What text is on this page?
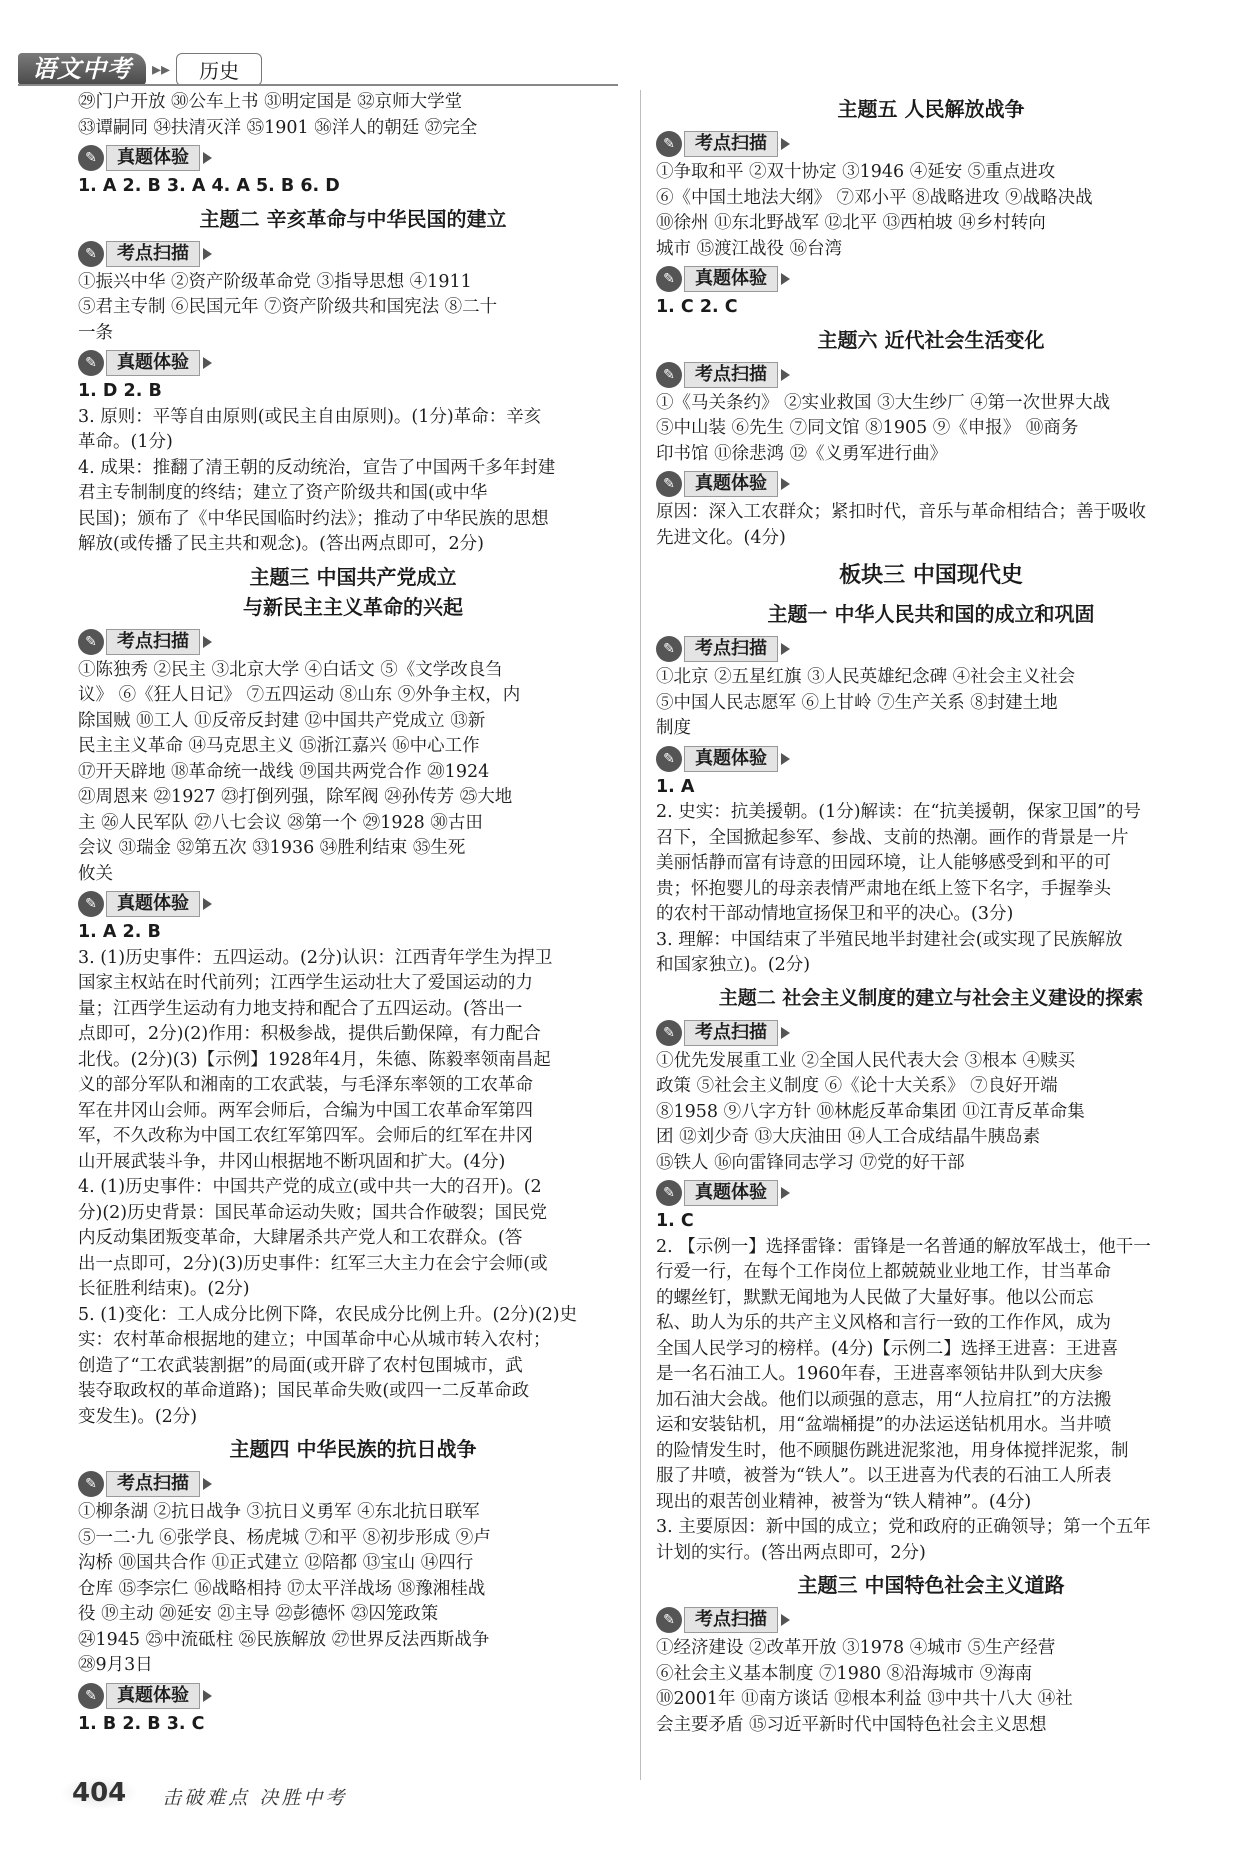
语文中考	▸▸	历史
㉙门户开放 ㉚公车上书 ㉛明定国是 ㉜京师大学堂
㉝谭嗣同 ㉞扶清灭洋 ㉟1901 ㊱洋人的朝廷 ㊲完全
✎	真题体验
1. A 2. B 3. A 4. A 5. B 6. D
主题二 辛亥革命与中华民国的建立
✎	考点扫描
①振兴中华 ②资产阶级革命党 ③指导思想 ④1911
⑤君主专制 ⑥民国元年 ⑦资产阶级共和国宪法 ⑧二十
一条
✎	真题体验
1. D 2. B
3. 原则：平等自由原则(或民主自由原则)。(1分)革命：辛亥
革命。(1分)
4. 成果：推翻了清王朝的反动统治，宣告了中国两千多年封建
君主专制制度的终结；建立了资产阶级共和国(或中华
民国)；颁布了《中华民国临时约法》；推动了中华民族的思想
解放(或传播了民主共和观念)。(答出两点即可，2分)
主题三 中国共产党成立
与新民主主义革命的兴起
✎	考点扫描
①陈独秀 ②民主 ③北京大学 ④白话文 ⑤《文学改良刍
议》 ⑥《狂人日记》 ⑦五四运动 ⑧山东 ⑨外争主权，内
除国贼 ⑩工人 ⑪反帝反封建 ⑫中国共产党成立 ⑬新
民主主义革命 ⑭马克思主义 ⑮浙江嘉兴 ⑯中心工作
⑰开天辟地 ⑱革命统一战线 ⑲国共两党合作 ⑳1924
㉑周恩来 ㉒1927 ㉓打倒列强，除军阀 ㉔孙传芳 ㉕大地
主 ㉖人民军队 ㉗八七会议 ㉘第一个 ㉙1928 ㉚古田
会议 ㉛瑞金 ㉜第五次 ㉝1936 ㉞胜利结束 ㉟生死
攸关
✎	真题体验
1. A 2. B
3. (1)历史事件：五四运动。(2分)认识：江西青年学生为捍卫
国家主权站在时代前列；江西学生运动壮大了爱国运动的力
量；江西学生运动有力地支持和配合了五四运动。(答出一
点即可，2分)(2)作用：积极参战，提供后勤保障，有力配合
北伐。(2分)(3)【示例】1928年4月，朱德、陈毅率领南昌起
义的部分军队和湘南的工农武装，与毛泽东率领的工农革命
军在井冈山会师。两军会师后，合编为中国工农革命军第四
军，不久改称为中国工农红军第四军。会师后的红军在井冈
山开展武装斗争，井冈山根据地不断巩固和扩大。(4分)
4. (1)历史事件：中国共产党的成立(或中共一大的召开)。(2
分)(2)历史背景：国民革命运动失败；国共合作破裂；国民党
内反动集团叛变革命，大肆屠杀共产党人和工农群众。(答
出一点即可，2分)(3)历史事件：红军三大主力在会宁会师(或
长征胜利结束)。(2分)
5. (1)变化：工人成分比例下降，农民成分比例上升。(2分)(2)史
实：农村革命根据地的建立；中国革命中心从城市转入农村；
创造了“工农武装割据”的局面(或开辟了农村包围城市，武
装夺取政权的革命道路)；国民革命失败(或四一二反革命政
变发生)。(2分)
主题四 中华民族的抗日战争
✎	考点扫描
①柳条湖 ②抗日战争 ③抗日义勇军 ④东北抗日联军
⑤一二·九 ⑥张学良、杨虎城 ⑦和平 ⑧初步形成 ⑨卢
沟桥 ⑩国共合作 ⑪正式建立 ⑫陪都 ⑬宝山 ⑭四行
仓库 ⑮李宗仁 ⑯战略相持 ⑰太平洋战场 ⑱豫湘桂战
役 ⑲主动 ⑳延安 ㉑主导 ㉒彭德怀 ㉓囚笼政策
㉔1945 ㉕中流砥柱 ㉖民族解放 ㉗世界反法西斯战争
㉘9月3日
✎	真题体验
1. B 2. B 3. C
主题五 人民解放战争
✎	考点扫描
①争取和平 ②双十协定 ③1946 ④延安 ⑤重点进攻
⑥《中国土地法大纲》 ⑦邓小平 ⑧战略进攻 ⑨战略决战
⑩徐州 ⑪东北野战军 ⑫北平 ⑬西柏坡 ⑭乡村转向
城市 ⑮渡江战役 ⑯台湾
✎	真题体验
1. C 2. C
主题六 近代社会生活变化
✎	考点扫描
①《马关条约》 ②实业救国 ③大生纱厂 ④第一次世界大战
⑤中山装 ⑥先生 ⑦同文馆 ⑧1905 ⑨《申报》 ⑩商务
印书馆 ⑪徐悲鸿 ⑫《义勇军进行曲》
✎	真题体验
原因：深入工农群众；紧扣时代，音乐与革命相结合；善于吸收
先进文化。(4分)
板块三 中国现代史
主题一 中华人民共和国的成立和巩固
✎	考点扫描
①北京 ②五星红旗 ③人民英雄纪念碑 ④社会主义社会
⑤中国人民志愿军 ⑥上甘岭 ⑦生产关系 ⑧封建土地
制度
✎	真题体验
1. A
2. 史实：抗美援朝。(1分)解读：在“抗美援朝，保家卫国”的号
召下，全国掀起参军、参战、支前的热潮。画作的背景是一片
美丽恬静而富有诗意的田园环境，让人能够感受到和平的可
贵；怀抱婴儿的母亲表情严肃地在纸上签下名字，手握拳头
的农村干部动情地宣扬保卫和平的决心。(3分)
3. 理解：中国结束了半殖民地半封建社会(或实现了民族解放
和国家独立)。(2分)
主题二 社会主义制度的建立与社会主义建设的探索
✎	考点扫描
①优先发展重工业 ②全国人民代表大会 ③根本 ④赎买
政策 ⑤社会主义制度 ⑥《论十大关系》 ⑦良好开端
⑧1958 ⑨八字方针 ⑩林彪反革命集团 ⑪江青反革命集
团 ⑫刘少奇 ⑬大庆油田 ⑭人工合成结晶牛胰岛素
⑮铁人 ⑯向雷锋同志学习 ⑰党的好干部
✎	真题体验
1. C
2. 【示例一】选择雷锋：雷锋是一名普通的解放军战士，他干一
行爱一行，在每个工作岗位上都兢兢业业地工作，甘当革命
的螺丝钉，默默无闻地为人民做了大量好事。他以公而忘
私、助人为乐的共产主义风格和言行一致的工作作风，成为
全国人民学习的榜样。(4分)【示例二】选择王进喜：王进喜
是一名石油工人。1960年春，王进喜率领钻井队到大庆参
加石油大会战。他们以顽强的意志，用“人拉肩扛”的方法搬
运和安装钻机，用“盆端桶提”的办法运送钻机用水。当井喷
的险情发生时，他不顾腿伤跳进泥浆池，用身体搅拌泥浆，制
服了井喷，被誉为“铁人”。以王进喜为代表的石油工人所表
现出的艰苦创业精神，被誉为“铁人精神”。(4分)
3. 主要原因：新中国的成立；党和政府的正确领导；第一个五年
计划的实行。(答出两点即可，2分)
主题三 中国特色社会主义道路
✎	考点扫描
①经济建设 ②改革开放 ③1978 ④城市 ⑤生产经营
⑥社会主义基本制度 ⑦1980 ⑧沿海城市 ⑨海南
⑩2001年 ⑪南方谈话 ⑫根本利益 ⑬中共十八大 ⑭社
会主要矛盾 ⑮习近平新时代中国特色社会主义思想
404	击破难点 决胜中考
